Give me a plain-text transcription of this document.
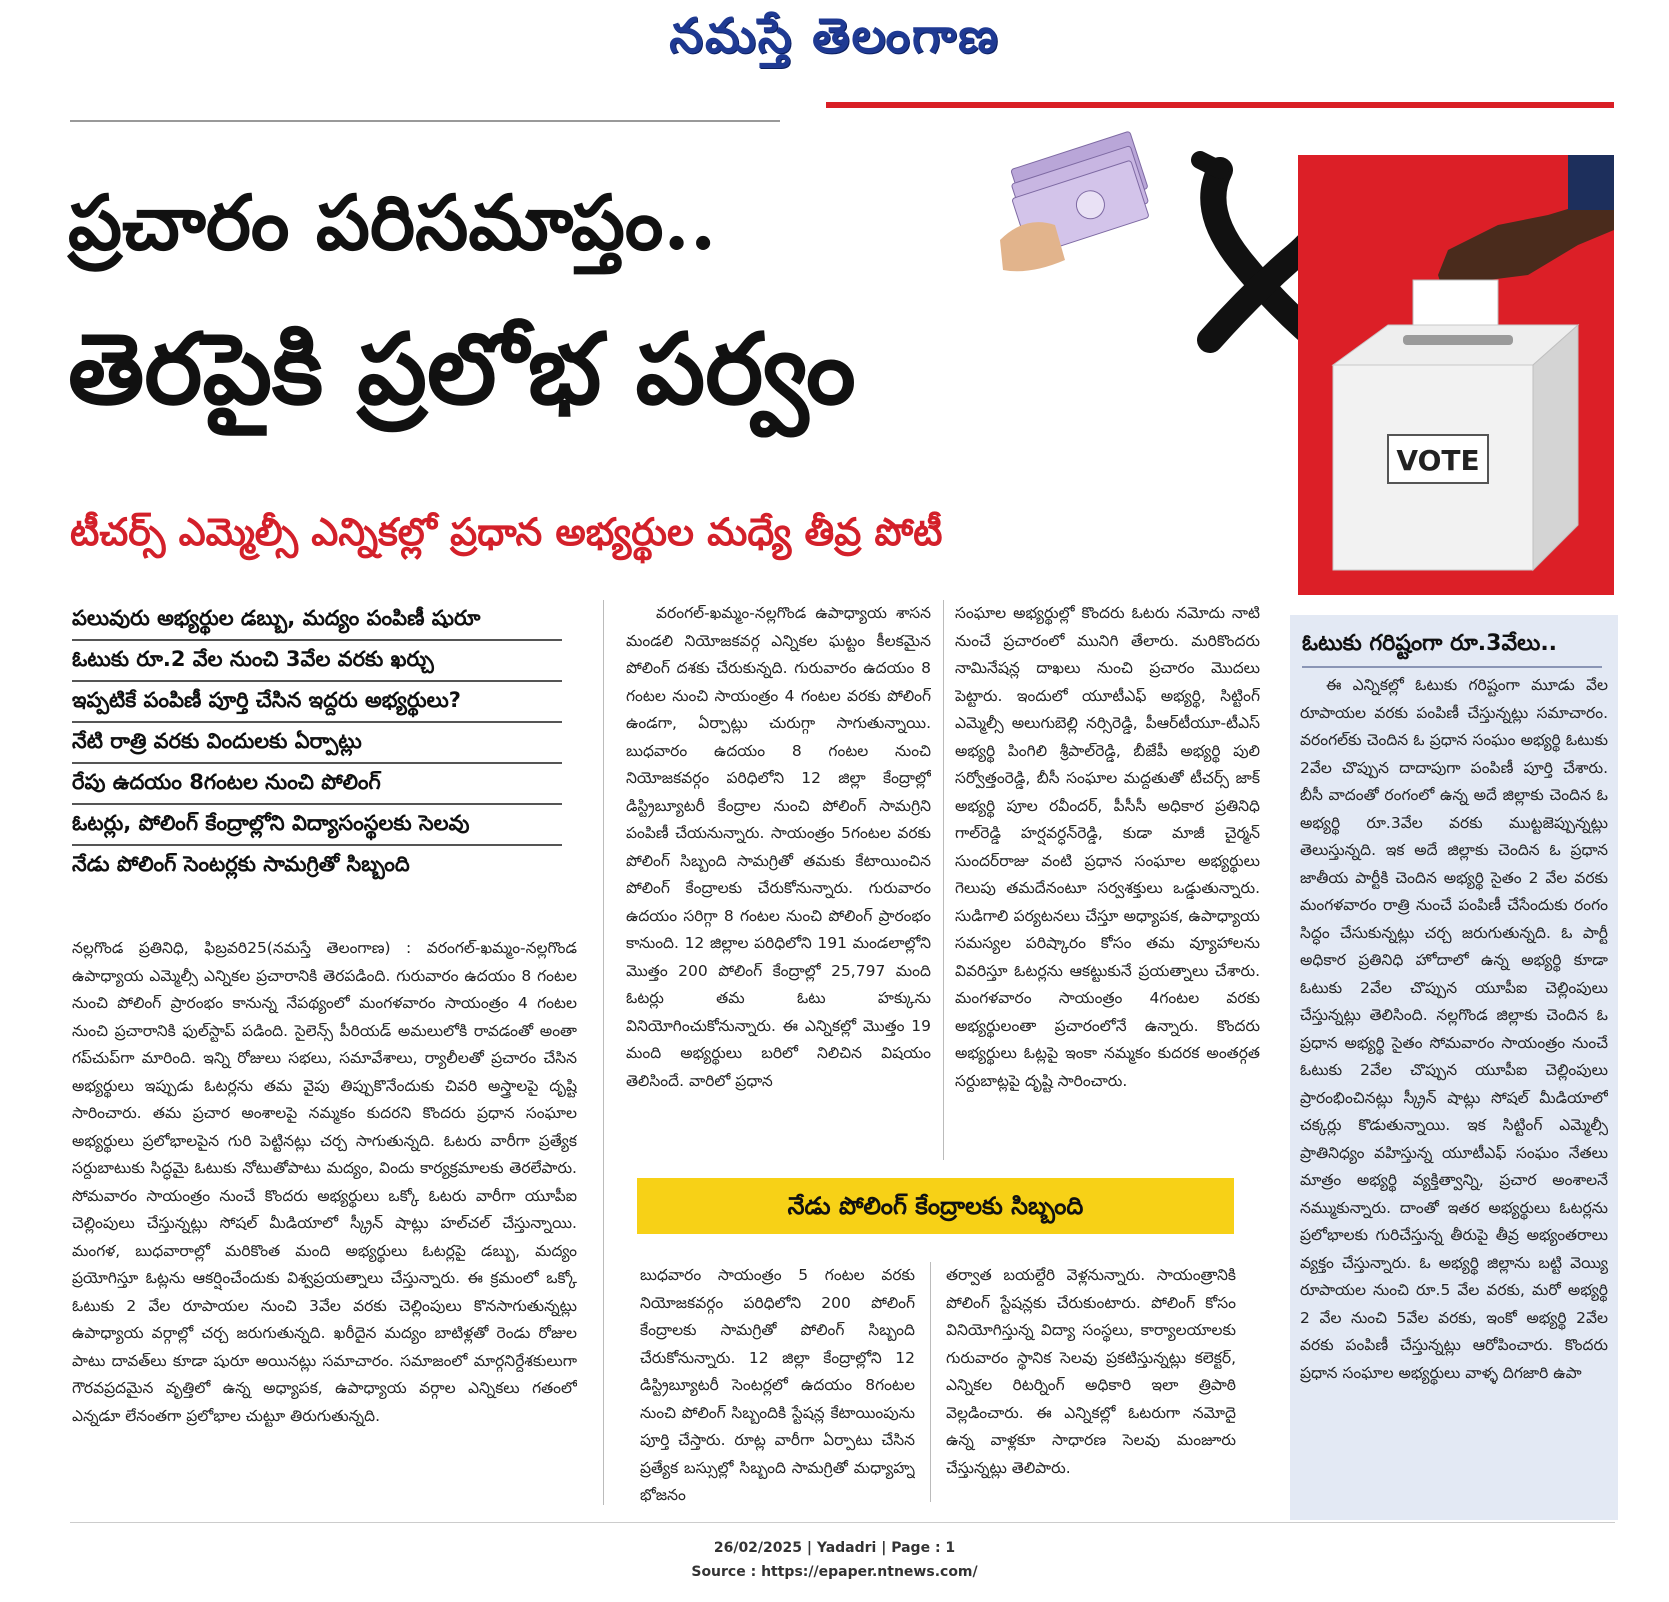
నమస్తే తెలంగాణ
ప్రచారం పరిసమాప్తం..
VOTE
తెరపైకి ప్రలోభ పర్వం
టీచర్స్ ఎమ్మెల్సీ ఎన్నికల్లో ప్రధాన అభ్యర్థుల మధ్యే తీవ్ర పోటీ
పలువురు అభ్యర్థుల డబ్బు, మద్యం పంపిణీ షురూ
ఓటుకు రూ.2 వేల నుంచి 3వేల వరకు ఖర్చు
ఇప్పటికే పంపిణీ పూర్తి చేసిన ఇద్దరు అభ్యర్థులు?
నేటి రాత్రి వరకు విందులకు ఏర్పాట్లు
రేపు ఉదయం 8గంటల నుంచి పోలింగ్
ఓటర్లు, పోలింగ్ కేంద్రాల్లోని విద్యాసంస్థలకు సెలవు
నేడు పోలింగ్ సెంటర్లకు సామగ్రితో సిబ్బంది
నల్లగొండ ప్రతినిధి, ఫిబ్రవరి25(నమస్తే తెలంగాణ) : వరంగల్-ఖమ్మం-నల్లగొండ ఉపాధ్యాయ ఎమ్మెల్సీ ఎన్నికల ప్రచారానికి తెరపడింది. గురువారం ఉదయం 8 గంటల నుంచి పోలింగ్ ప్రారంభం కానున్న నేపథ్యంలో మంగళవారం సాయంత్రం 4 గంటల నుంచి ప్రచారానికి ఫుల్‌స్టాప్ పడింది. సైలెన్స్ పీరియడ్ అమలులోకి రావడంతో అంతా గప్‌చుప్‌గా మారింది. ఇన్ని రోజులు సభలు, సమావేశాలు, ర్యాలీలతో ప్రచారం చేసిన అభ్యర్థులు ఇప్పుడు ఓటర్లను తమ వైపు తిప్పుకొనేందుకు చివరి అస్త్రాలపై దృష్టి సారించారు. తమ ప్రచార అంశాలపై నమ్మకం కుదరని కొందరు ప్రధాన సంఘాల అభ్యర్థులు ప్రలోభాలపైన గురి పెట్టినట్లు చర్చ సాగుతున్నది. ఓటరు వారీగా ప్రత్యేక సర్దుబాటుకు సిద్ధమై ఓటుకు నోటుతోపాటు మద్యం, విందు కార్యక్రమాలకు తెరలేపారు. సోమవారం సాయంత్రం నుంచే కొందరు అభ్యర్థులు ఒక్కో ఓటరు వారీగా యూపీఐ చెల్లింపులు చేస్తున్నట్లు సోషల్ మీడియాలో స్క్రీన్ షాట్లు హల్‌చల్ చేస్తున్నాయి. మంగళ, బుధవారాల్లో మరికొంత మంది అభ్యర్థులు ఓటర్లపై డబ్బు, మద్యం ప్రయోగిస్తూ ఓట్లను ఆకర్షించేందుకు విశ్వప్రయత్నాలు చేస్తున్నారు. ఈ క్రమంలో ఒక్కో ఓటుకు 2 వేల రూపాయల నుంచి 3వేల వరకు చెల్లింపులు కొనసాగుతున్నట్లు ఉపాధ్యాయ వర్గాల్లో చర్చ జరుగుతున్నది. ఖరీదైన మద్యం బాటిళ్లతో రెండు రోజుల పాటు దావత్‌లు కూడా షురూ అయినట్లు సమాచారం. సమాజంలో మార్గనిర్దేశకులుగా గౌరవప్రదమైన వృత్తిలో ఉన్న అధ్యాపక, ఉపాధ్యాయ వర్గాల ఎన్నికలు గతంలో ఎన్నడూ లేనంతగా ప్రలోభాల చుట్టూ తిరుగుతున్నది.
వరంగల్-ఖమ్మం-నల్లగొండ ఉపాధ్యాయ శాసన మండలి నియోజకవర్గ ఎన్నికల ఘట్టం కీలకమైన పోలింగ్ దశకు చేరుకున్నది. గురువారం ఉదయం 8 గంటల నుంచి సాయంత్రం 4 గంటల వరకు పోలింగ్ ఉండగా, ఏర్పాట్లు చురుగ్గా సాగుతున్నాయి. బుధవారం ఉదయం 8 గంటల నుంచి నియోజకవర్గం పరిధిలోని 12 జిల్లా కేంద్రాల్లో డిస్ట్రిబ్యూటరీ కేంద్రాల నుంచి పోలింగ్ సామగ్రిని పంపిణీ చేయనున్నారు. సాయంత్రం 5గంటల వరకు పోలింగ్ సిబ్బంది సామగ్రితో తమకు కేటాయించిన పోలింగ్ కేంద్రాలకు చేరుకోనున్నారు. గురువారం ఉదయం సరిగ్గా 8 గంటల నుంచి పోలింగ్ ప్రారంభం కానుంది. 12 జిల్లాల పరిధిలోని 191 మండలాల్లోని మొత్తం 200 పోలింగ్ కేంద్రాల్లో 25,797 మంది ఓటర్లు తమ ఓటు హక్కును వినియోగించుకోనున్నారు. ఈ ఎన్నికల్లో మొత్తం 19 మంది అభ్యర్థులు బరిలో నిలిచిన విషయం తెలిసిందే. వారిలో ప్రధాన
సంఘాల అభ్యర్థుల్లో కొందరు ఓటరు నమోదు నాటి నుంచే ప్రచారంలో మునిగి తేలారు. మరికొందరు నామినేషన్ల దాఖలు నుంచి ప్రచారం మొదలు పెట్టారు. ఇందులో యూటీఎఫ్ అభ్యర్థి, సిట్టింగ్ ఎమ్మెల్సీ అలుగుబెల్లి నర్సిరెడ్డి, పీఆర్‌టీయూ-టీఎస్ అభ్యర్థి పింగిలి శ్రీపాల్‌రెడ్డి, బీజేపీ అభ్యర్థి పులి సర్వోత్తంరెడ్డి, బీసీ సంఘాల మద్దతుతో టీచర్స్ జాక్ అభ్యర్థి పూల రవీందర్, పీసీసీ అధికార ప్రతినిధి గాల్‌రెడ్డి హర్షవర్ధన్‌రెడ్డి, కుడా మాజీ చైర్మన్ సుందర్‌రాజు వంటి ప్రధాన సంఘాల అభ్యర్థులు గెలుపు తమదేనంటూ సర్వశక్తులు ఒడ్డుతున్నారు. సుడిగాలి పర్యటనలు చేస్తూ అధ్యాపక, ఉపాధ్యాయ సమస్యల పరిష్కారం కోసం తమ వ్యూహాలను వివరిస్తూ ఓటర్లను ఆకట్టుకునే ప్రయత్నాలు చేశారు. మంగళవారం సాయంత్రం 4గంటల వరకు అభ్యర్థులంతా ప్రచారంలోనే ఉన్నారు. కొందరు అభ్యర్థులు ఓట్లపై ఇంకా నమ్మకం కుదరక అంతర్గత సర్దుబాట్లపై దృష్టి సారించారు.
నేడు పోలింగ్ కేంద్రాలకు సిబ్బంది
బుధవారం సాయంత్రం 5 గంటల వరకు నియోజకవర్గం పరిధిలోని 200 పోలింగ్ కేంద్రాలకు సామగ్రితో పోలింగ్ సిబ్బంది చేరుకోనున్నారు. 12 జిల్లా కేంద్రాల్లోని 12 డిస్ట్రిబ్యూటరీ సెంటర్లలో ఉదయం 8గంటల నుంచి పోలింగ్ సిబ్బందికి స్టేషన్ల కేటాయింపును పూర్తి చేస్తారు. రూట్ల వారీగా ఏర్పాటు చేసిన ప్రత్యేక బస్సుల్లో సిబ్బంది సామగ్రితో మధ్యాహ్న భోజనం
తర్వాత బయల్దేరి వెళ్లనున్నారు. సాయంత్రానికి పోలింగ్ స్టేషన్లకు చేరుకుంటారు. పోలింగ్ కోసం వినియోగిస్తున్న విద్యా సంస్థలు, కార్యాలయాలకు గురువారం స్థానిక సెలవు ప్రకటిస్తున్నట్లు కలెక్టర్, ఎన్నికల రిటర్నింగ్ అధికారి ఇలా త్రిపాఠి వెల్లడించారు. ఈ ఎన్నికల్లో ఓటరుగా నమోదై ఉన్న వాళ్లకూ సాధారణ సెలవు మంజూరు చేస్తున్నట్లు తెలిపారు.
ఓటుకు గరిష్టంగా రూ.3వేలు..
ఈ ఎన్నికల్లో ఓటుకు గరిష్టంగా మూడు వేల రూపాయల వరకు పంపిణీ చేస్తున్నట్లు సమాచారం. వరంగల్‌కు చెందిన ఓ ప్రధాన సంఘం అభ్యర్థి ఓటుకు 2వేల చొప్పున దాదాపుగా పంపిణీ పూర్తి చేశారు. బీసీ వాదంతో రంగంలో ఉన్న అదే జిల్లాకు చెందిన ఓ అభ్యర్థి రూ.3వేల వరకు ముట్టజెప్పున్నట్లు తెలుస్తున్నది. ఇక అదే జిల్లాకు చెందిన ఓ ప్రధాన జాతీయ పార్టీకి చెందిన అభ్యర్థి సైతం 2 వేల వరకు మంగళవారం రాత్రి నుంచే పంపిణీ చేసేందుకు రంగం సిద్ధం చేసుకున్నట్లు చర్చ జరుగుతున్నది. ఓ పార్టీ అధికార ప్రతినిధి హోదాలో ఉన్న అభ్యర్థి కూడా ఓటుకు 2వేల చొప్పున యూపీఐ చెల్లింపులు చేస్తున్నట్లు తెలిసింది. నల్లగొండ జిల్లాకు చెందిన ఓ ప్రధాన అభ్యర్థి సైతం సోమవారం సాయంత్రం నుంచే ఓటుకు 2వేల చొప్పున యూపీఐ చెల్లింపులు ప్రారంభించినట్లు స్క్రీన్ షాట్లు సోషల్ మీడియాలో చక్కర్లు కొడుతున్నాయి. ఇక సిట్టింగ్ ఎమ్మెల్సీ ప్రాతినిధ్యం వహిస్తున్న యూటీఎఫ్ సంఘం నేతలు మాత్రం అభ్యర్థి వ్యక్తిత్వాన్ని, ప్రచార అంశాలనే నమ్ముకున్నారు. దాంతో ఇతర అభ్యర్థులు ఓటర్లను ప్రలోభాలకు గురిచేస్తున్న తీరుపై తీవ్ర అభ్యంతరాలు వ్యక్తం చేస్తున్నారు. ఓ అభ్యర్థి జిల్లాను బట్టి వెయ్యి రూపాయల నుంచి రూ.5 వేల వరకు, మరో అభ్యర్థి 2 వేల నుంచి 5వేల వరకు, ఇంకో అభ్యర్థి 2వేల వరకు పంపిణీ చేస్తున్నట్లు ఆరోపించారు. కొందరు ప్రధాన సంఘాల అభ్యర్థులు వాళ్ళ దిగజారి ఉపా
26/02/2025 | Yadadri | Page : 1
Source : https://epaper.ntnews.com/
